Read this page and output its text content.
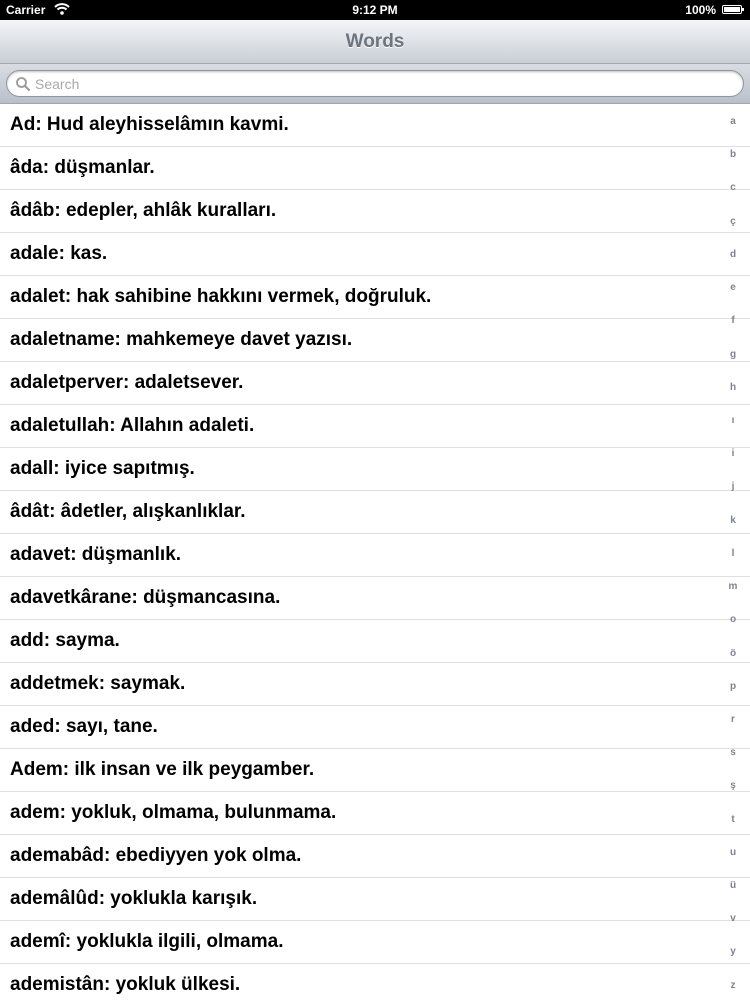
Carrier	9:12 PM	100%
Words
Search
Ad: Hud aleyhisselâmın kavmi.
âda: düşmanlar.
âdâb: edepler, ahlâk kuralları.
adale: kas.
adalet: hak sahibine hakkını vermek, doğruluk.
adaletname: mahkemeye davet yazısı.
adaletperver: adaletsever.
adaletullah: Allahın adaleti.
adall: iyice sapıtmış.
âdât: âdetler, alışkanlıklar.
adavet: düşmanlık.
adavetkârane: düşmancasına.
add: sayma.
addetmek: saymak.
aded: sayı, tane.
Adem: ilk insan ve ilk peygamber.
adem: yokluk, olmama, bulunmama.
ademabâd: ebediyyen yok olma.
ademâlûd: yoklukla karışık.
ademî: yoklukla ilgili, olmama.
ademistân: yokluk ülkesi.
a
b
c
ç
d
e
f
g
h
ı
i
j
k
l
m
o
ö
p
r
s
ş
t
u
ü
v
y
z
